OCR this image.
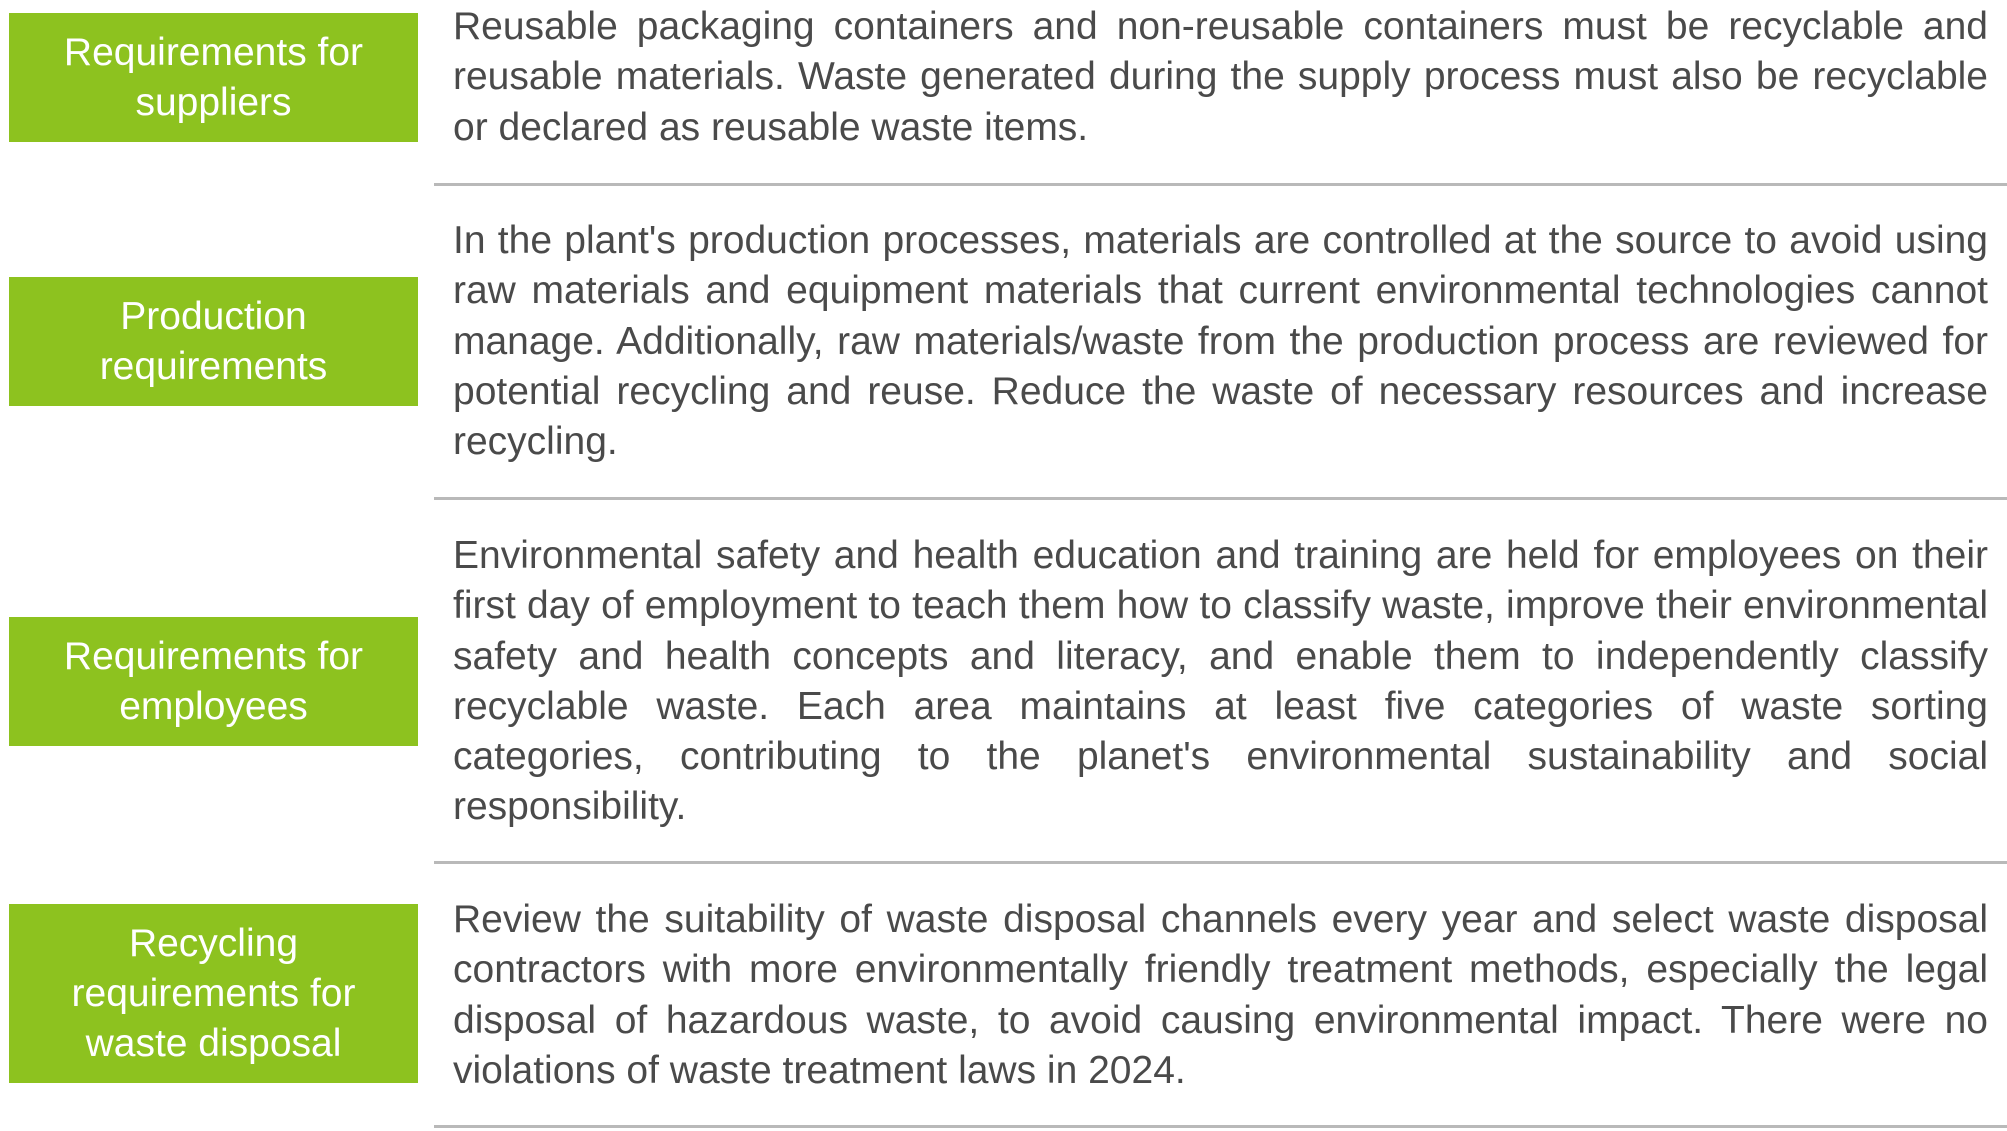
Requirements for suppliers
Reusable packaging containers and non-reusable containers must be recyclable and reusable materials. Waste generated during the supply process must also be recyclable or declared as reusable waste items.
Production requirements
In the plant's production processes, materials are controlled at the source to avoid using raw materials and equipment materials that current environmental technologies cannot manage. Additionally, raw materials/waste from the production process are reviewed for potential recycling and reuse. Reduce the waste of necessary resources and increase recycling.
Requirements for employees
Environmental safety and health education and training are held for employees on their first day of employment to teach them how to classify waste, improve their environmental safety and health concepts and literacy, and enable them to independently classify recyclable waste. Each area maintains at least five categories of waste sorting categories, contributing to the planet's environmental sustainability and social responsibility.
Recycling requirements for waste disposal
Review the suitability of waste disposal channels every year and select waste disposal contractors with more environmentally friendly treatment methods, especially the legal disposal of hazardous waste, to avoid causing environmental impact. There were no violations of waste treatment laws in 2024.
